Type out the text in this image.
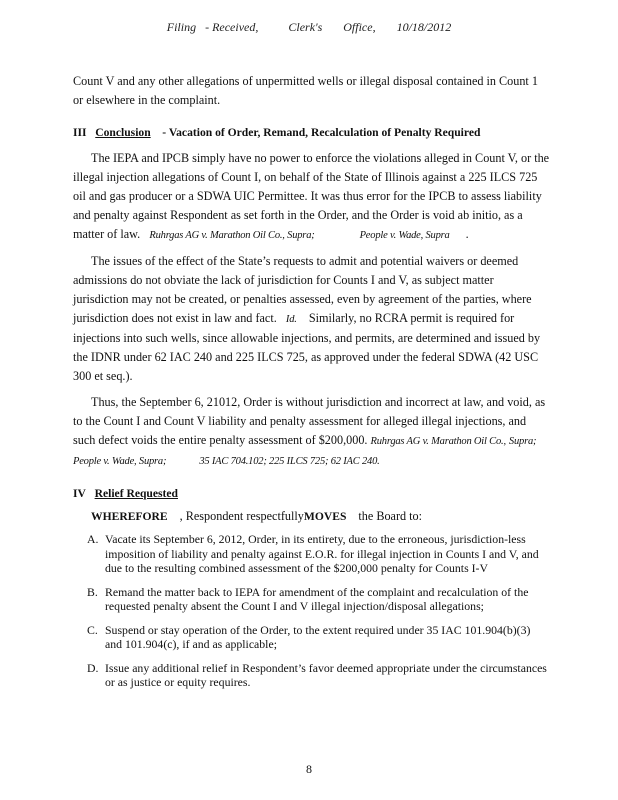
Filing   - Received,          Clerk's       Office,       10/18/2012

Count V and any other allegations of unpermitted wells or illegal disposal contained in Count 1 or elsewhere in the complaint.

III Conclusion - Vacation of Order, Remand, Recalculation of Penalty Required

The IEPA and IPCB simply have no power to enforce the violations alleged in Count V, or the illegal injection allegations of Count I, on behalf of the State of Illinois against a 225 ILCS 725 oil and gas producer or a SDWA UIC Permittee. It was thus error for the IPCB to assess liability and penalty against Respondent as set forth in the Order, and the Order is void ab initio, as a matter of law. Ruhrgas AG v. Marathon Oil Co., Supra;	People v. Wade, Supra .

The issues of the effect of the State’s requests to admit and potential waivers or deemed admissions do not obviate the lack of jurisdiction for Counts I and V, as subject matter jurisdiction may not be created, or penalties assessed, even by agreement of the parties, where jurisdiction does not exist in law and fact. Id. Similarly, no RCRA permit is required for injections into such wells, since allowable injections, and permits, are determined and issued by the IDNR under 62 IAC 240 and 225 ILCS 725, as approved under the federal SDWA (42 USC 300 et seq.).

Thus, the September 6, 21012, Order is without jurisdiction and incorrect at law, and void, as to the Count I and Count V liability and penalty assessment for alleged illegal injections, and such defect voids the entire penalty assessment of $200,000. Ruhrgas AG v. Marathon Oil Co., Supra;   People v. Wade, Supra;	35 IAC 704.102; 225 ILCS 725; 62 IAC 240.

IV Relief Requested

WHEREFORE , Respondent respectfullyMOVES the Board to:

A. Vacate its September 6, 2012, Order, in its entirety, due to the erroneous, jurisdiction-less imposition of liability and penalty against E.O.R. for illegal injection in Counts I and V, and due to the resulting combined assessment of the $200,000 penalty for Counts I-V
B. Remand the matter back to IEPA for amendment of the complaint and recalculation of the requested penalty absent the Count I and V illegal injection/disposal allegations;
C. Suspend or stay operation of the Order, to the extent required under 35 IAC 101.904(b)(3) and 101.904(c), if and as applicable;
D. Issue any additional relief in Respondent’s favor deemed appropriate under the circumstances or as justice or equity requires.
8
